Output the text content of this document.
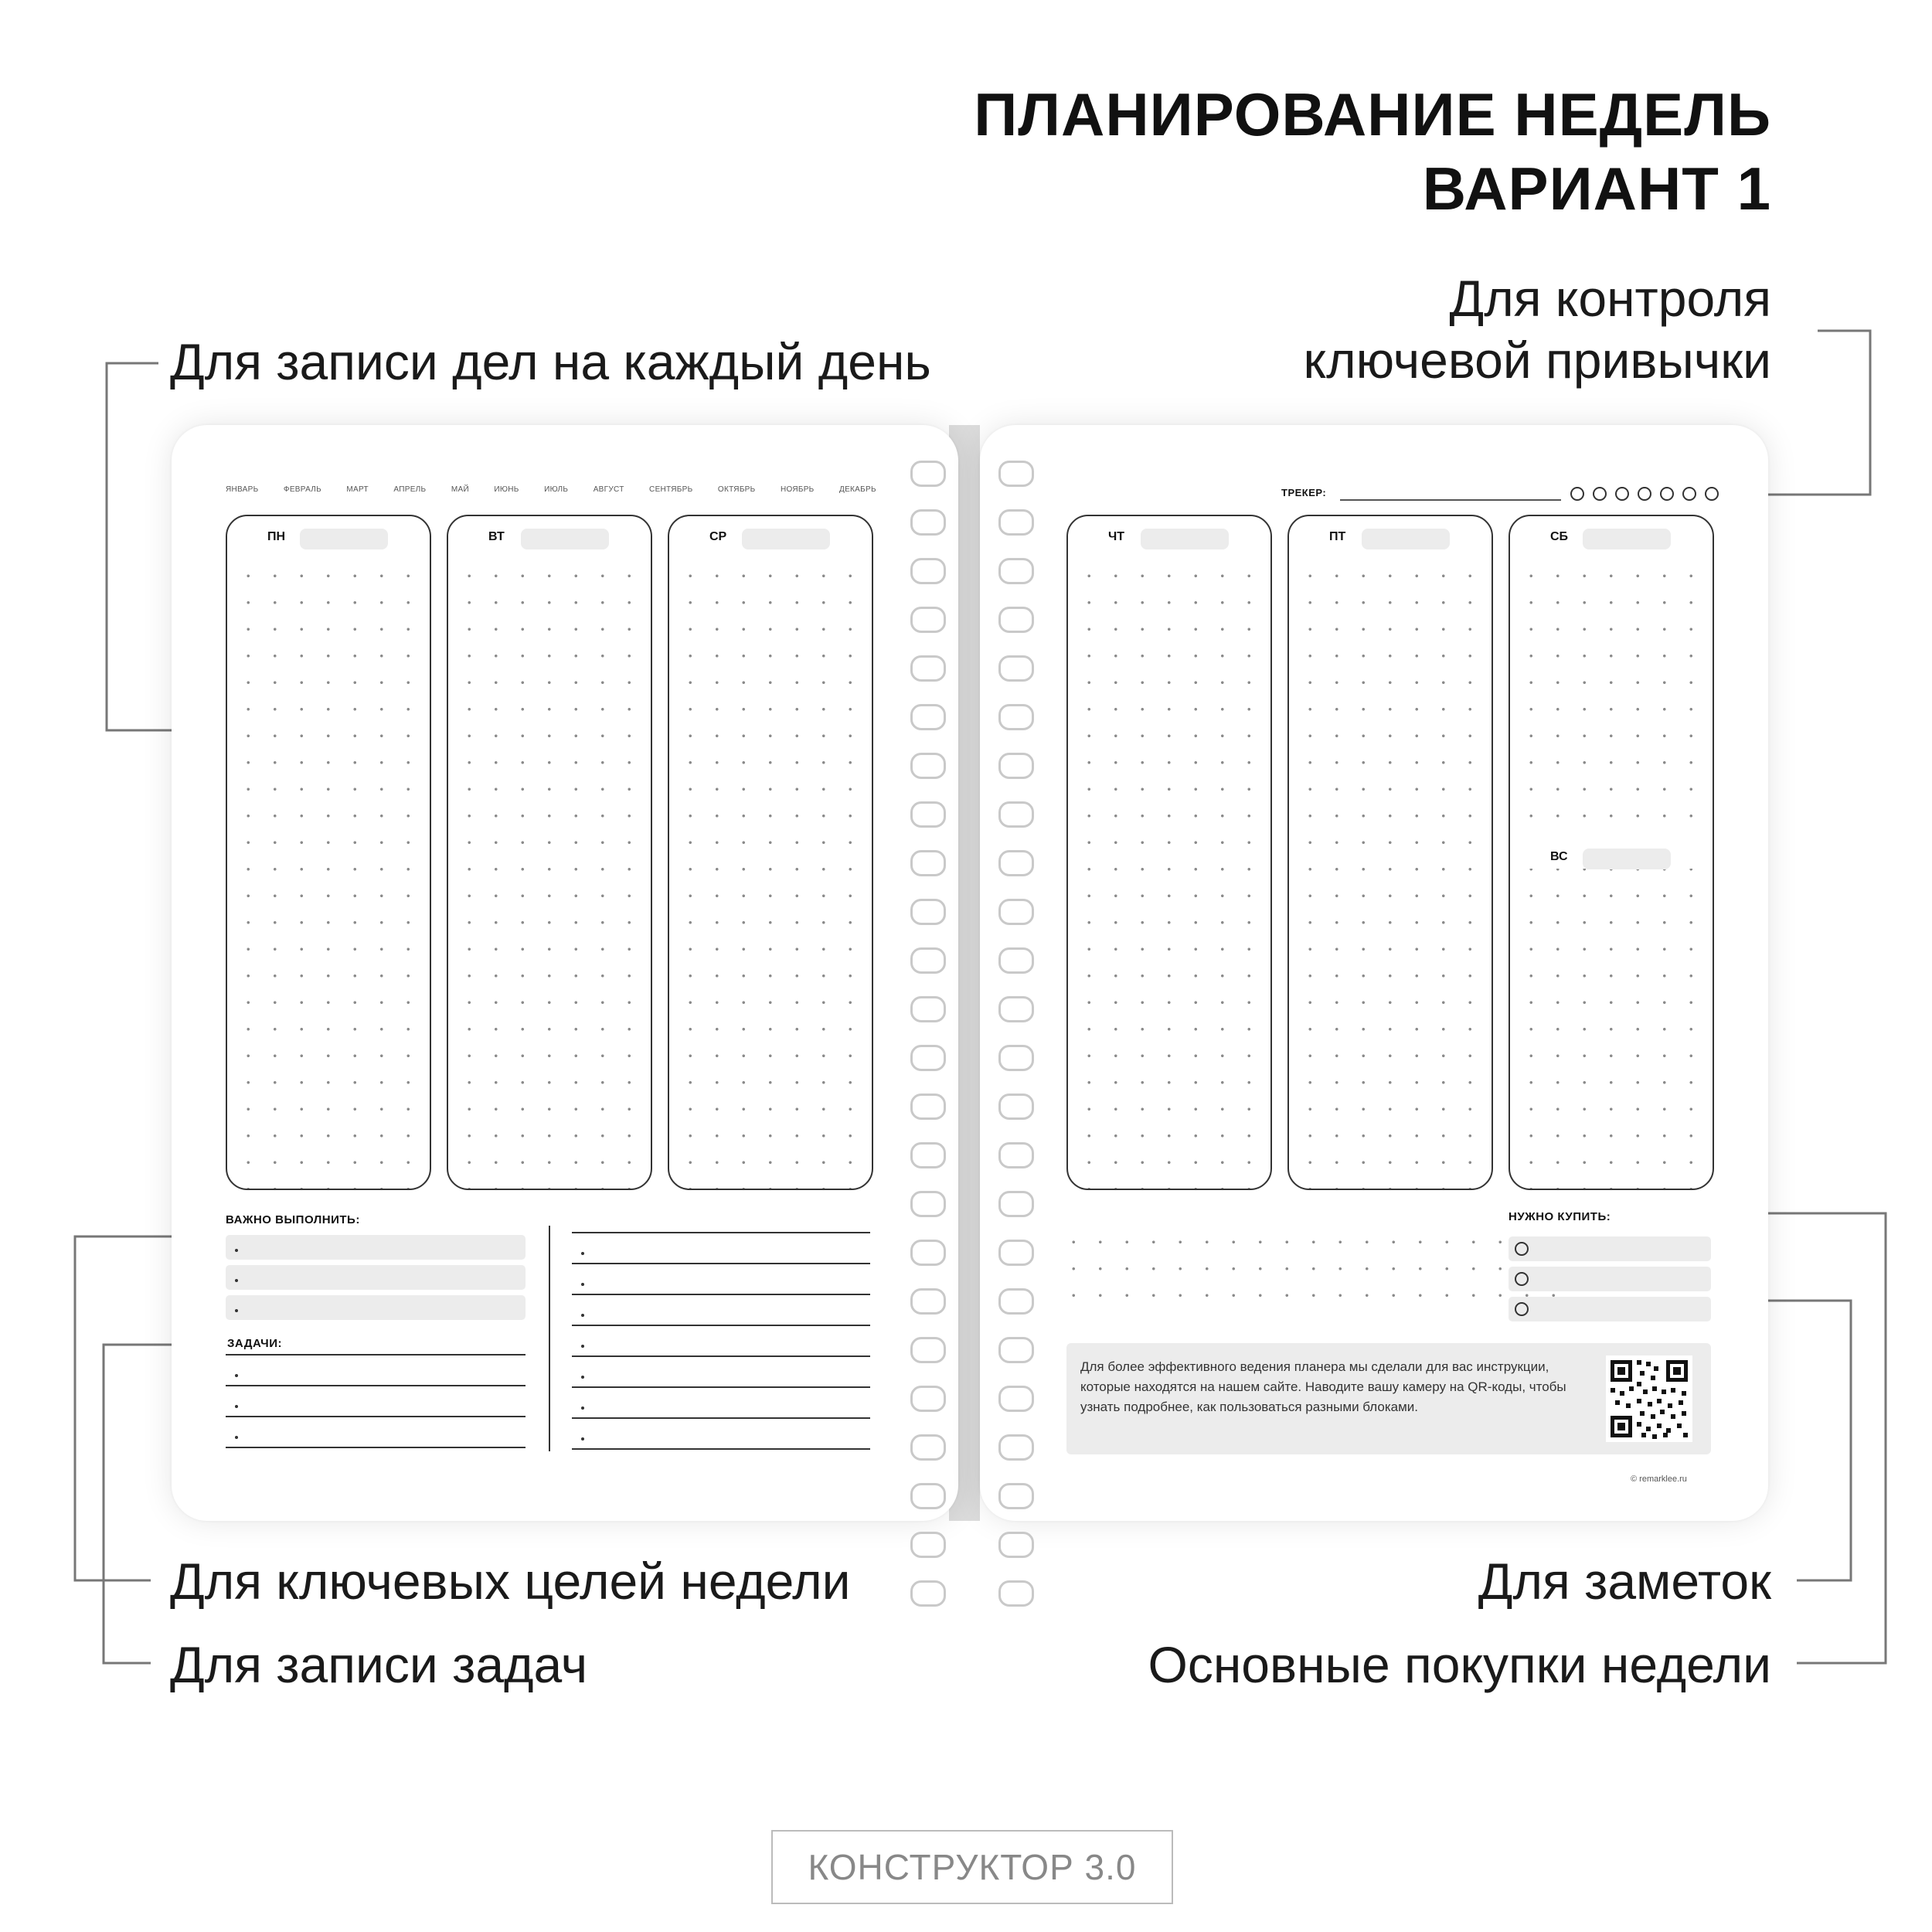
ПЛАНИРОВАНИЕ НЕДЕЛЬ
ВАРИАНТ 1
Для записи дел на каждый день
Для контроля
ключевой привычки
Для ключевых целей недели
Для записи задач
Для заметок
Основные покупки недели
ЯНВАРЬ	ФЕВРАЛЬ	МАРТ	АПРЕЛЬ	МАЙ	ИЮНЬ	ИЮЛЬ	АВГУСТ	СЕНТЯБРЬ	ОКТЯБРЬ	НОЯБРЬ	ДЕКАБРЬ
ПН	ВТ	СР
ВАЖНО ВЫПОЛНИТЬ:
ЗАДАЧИ:
ТРЕКЕР:
ЧТ	ПТ	СБ
ВС
НУЖНО КУПИТЬ:
Для более эффективного ведения планера мы сделали для вас инструкции, которые находятся на нашем сайте. Наводите вашу камеру на QR-коды, чтобы узнать подробнее, как пользоваться разными блоками.
© remarklee.ru
КОНСТРУКТОР 3.0
